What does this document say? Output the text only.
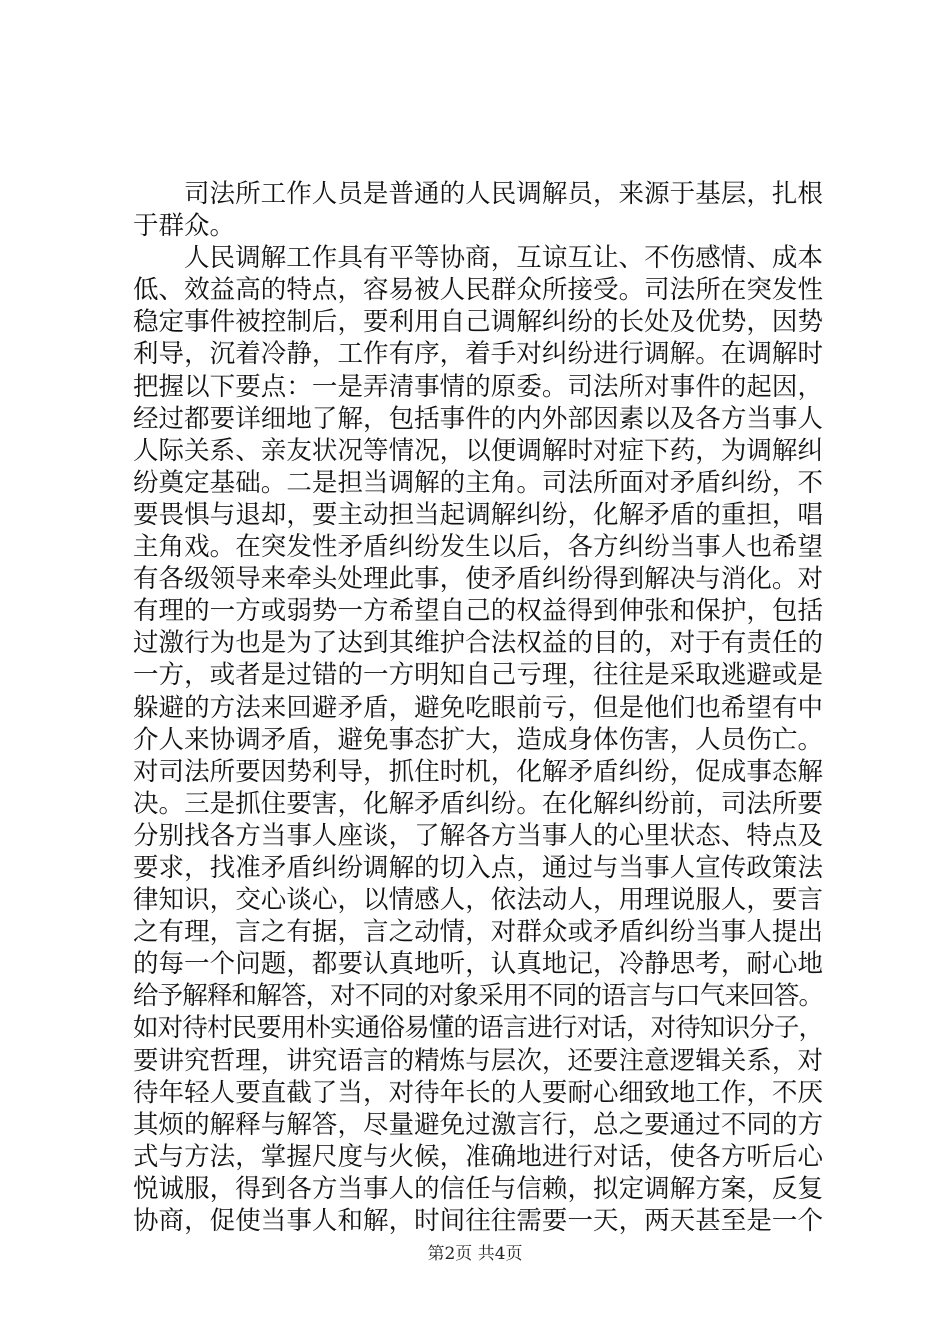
司法所工作人员是普通的人民调解员，来源于基层，扎根
于群众。
人民调解工作具有平等协商，互谅互让、不伤感情、成本
低、效益高的特点，容易被人民群众所接受。司法所在突发性
稳定事件被控制后，要利用自己调解纠纷的长处及优势，因势
利导，沉着冷静，工作有序，着手对纠纷进行调解。在调解时
把握以下要点：一是弄清事情的原委。司法所对事件的起因，
经过都要详细地了解，包括事件的内外部因素以及各方当事人
人际关系、亲友状况等情况，以便调解时对症下药，为调解纠
纷奠定基础。二是担当调解的主角。司法所面对矛盾纠纷，不
要畏惧与退却，要主动担当起调解纠纷，化解矛盾的重担，唱
主角戏。在突发性矛盾纠纷发生以后，各方纠纷当事人也希望
有各级领导来牵头处理此事，使矛盾纠纷得到解决与消化。对
有理的一方或弱势一方希望自己的权益得到伸张和保护，包括
过激行为也是为了达到其维护合法权益的目的，对于有责任的
一方，或者是过错的一方明知自己亏理，往往是采取逃避或是
躲避的方法来回避矛盾，避免吃眼前亏，但是他们也希望有中
介人来协调矛盾，避免事态扩大，造成身体伤害，人员伤亡。
对司法所要因势利导，抓住时机，化解矛盾纠纷，促成事态解
决。三是抓住要害，化解矛盾纠纷。在化解纠纷前，司法所要
分别找各方当事人座谈，了解各方当事人的心里状态、特点及
要求，找准矛盾纠纷调解的切入点，通过与当事人宣传政策法
律知识，交心谈心，以情感人，依法动人，用理说服人，要言
之有理，言之有据，言之动情，对群众或矛盾纠纷当事人提出
的每一个问题，都要认真地听，认真地记，冷静思考，耐心地
给予解释和解答，对不同的对象采用不同的语言与口气来回答。
如对待村民要用朴实通俗易懂的语言进行对话，对待知识分子，
要讲究哲理，讲究语言的精炼与层次，还要注意逻辑关系，对
待年轻人要直截了当，对待年长的人要耐心细致地工作，不厌
其烦的解释与解答，尽量避免过激言行，总之要通过不同的方
式与方法，掌握尺度与火候，准确地进行对话，使各方听后心
悦诚服，得到各方当事人的信任与信赖，拟定调解方案，反复
协商，促使当事人和解，时间往往需要一天，两天甚至是一个
第2页 共4页
